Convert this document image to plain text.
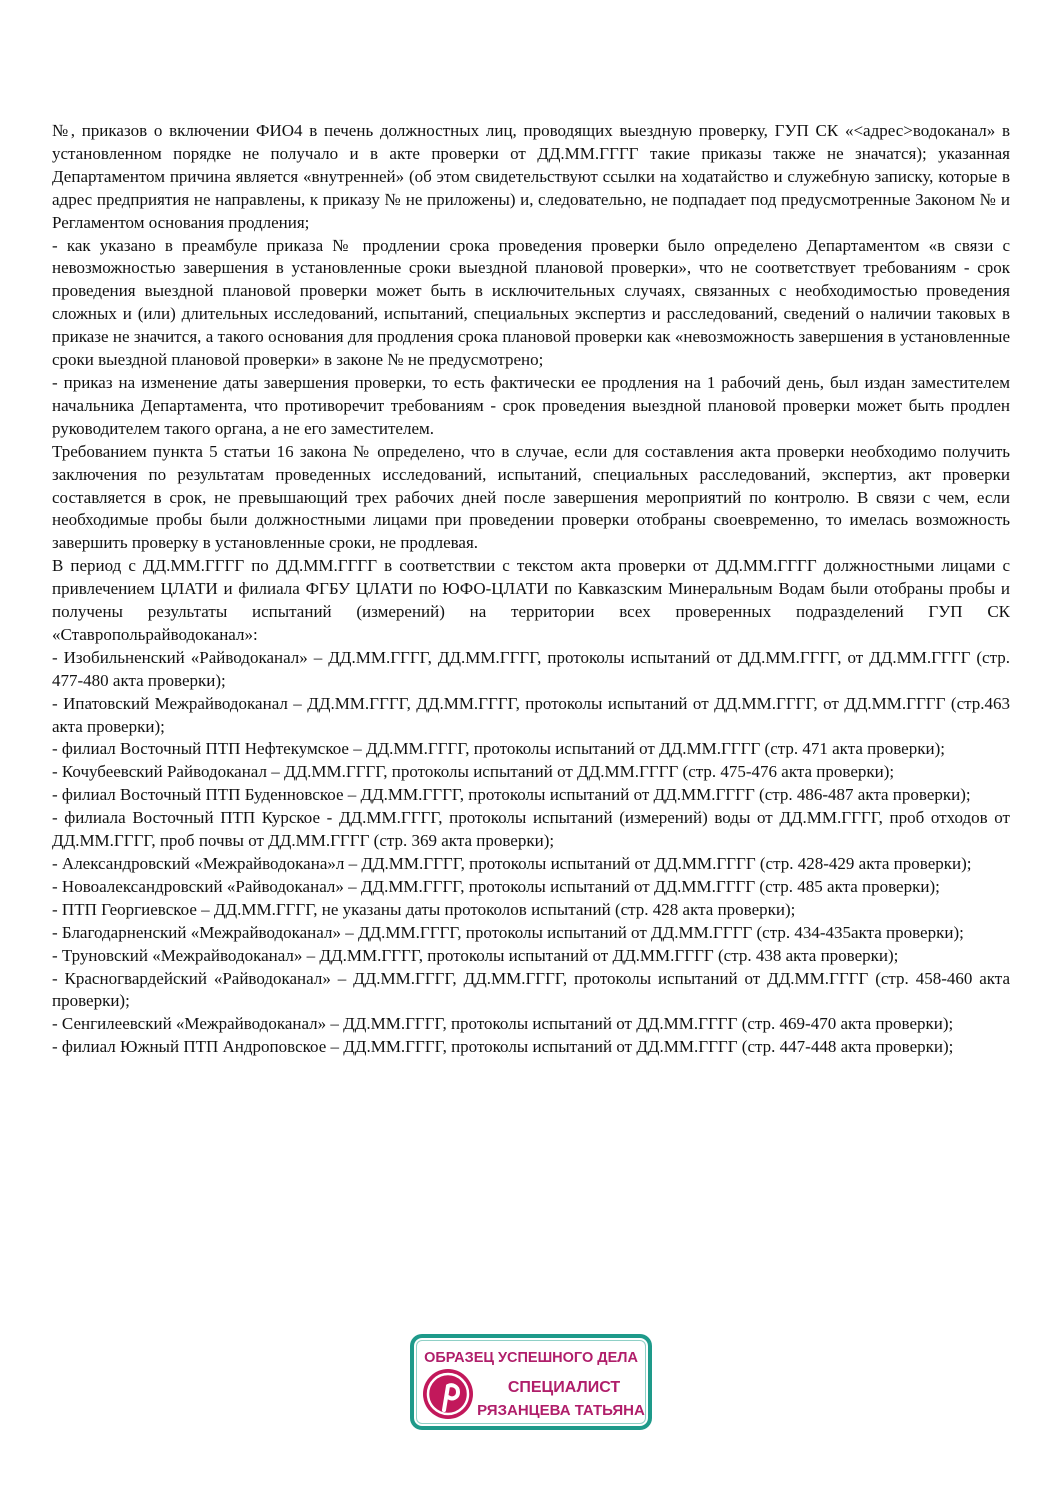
№, приказов о включении ФИО4 в печень должностных лиц, проводящих выездную проверку, ГУП СК «<адрес>водоканал» в установленном порядке не получало и в акте проверки от ДД.ММ.ГГГГ такие приказы также не значатся); указанная Департаментом причина является «внутренней» (об этом свидетельствуют ссылки на ходатайство и служебную записку, которые в адрес предприятия не направлены, к приказу № не приложены) и, следовательно, не подпадает под предусмотренные Законом № и Регламентом основания продления;

- как указано в преамбуле приказа № продлении срока проведения проверки было определено Департаментом «в связи с невозможностью завершения в установленные сроки выездной плановой проверки», что не соответствует требованиям - срок проведения выездной плановой проверки может быть в исключительных случаях, связанных с необходимостью проведения сложных и (или) длительных исследований, испытаний, специальных экспертиз и расследований, сведений о наличии таковых в приказе не значится, а такого основания для продления срока плановой проверки как «невозможность завершения в установленные сроки выездной плановой проверки» в законе № не предусмотрено;

- приказ на изменение даты завершения проверки, то есть фактически ее продления на 1 рабочий день, был издан заместителем начальника Департамента, что противоречит требованиям - срок проведения выездной плановой проверки может быть продлен руководителем такого органа, а не его заместителем.

Требованием пункта 5 статьи 16 закона № определено, что в случае, если для составления акта проверки необходимо получить заключения по результатам проведенных исследований, испытаний, специальных расследований, экспертиз, акт проверки составляется в срок, не превышающий трех рабочих дней после завершения мероприятий по контролю. В связи с чем, если необходимые пробы были должностными лицами при проведении проверки отобраны своевременно, то имелась возможность завершить проверку в установленные сроки, не продлевая.

В период с ДД.ММ.ГГГГ по ДД.ММ.ГГГГ в соответствии с текстом акта проверки от ДД.ММ.ГГГГ должностными лицами с привлечением ЦЛАТИ и филиала ФГБУ ЦЛАТИ по ЮФО-ЦЛАТИ по Кавказским Минеральным Водам были отобраны пробы и получены результаты испытаний (измерений) на территории всех проверенных подразделений ГУП СК «Ставропольрайводоканал»:

- Изобильненский «Райводоканал» – ДД.ММ.ГГГГ, ДД.ММ.ГГГГ, протоколы испытаний от ДД.ММ.ГГГГ, от ДД.ММ.ГГГГ (стр. 477-480 акта проверки);

- Ипатовский Межрайводоканал – ДД.ММ.ГГГГ, ДД.ММ.ГГГГ, протоколы испытаний от ДД.ММ.ГГГГ, от ДД.ММ.ГГГГ (стр.463 акта проверки);

- филиал Восточный ПТП Нефтекумское – ДД.ММ.ГГГГ, протоколы испытаний от ДД.ММ.ГГГГ (стр. 471 акта проверки);

- Кочубеевский Райводоканал – ДД.ММ.ГГГГ, протоколы испытаний от ДД.ММ.ГГГГ (стр. 475-476 акта проверки);

- филиал Восточный ПТП Буденновское – ДД.ММ.ГГГГ, протоколы испытаний от ДД.ММ.ГГГГ (стр. 486-487 акта проверки);

- филиала Восточный ПТП Курское - ДД.ММ.ГГГГ, протоколы испытаний (измерений) воды от ДД.ММ.ГГГГ, проб отходов от ДД.ММ.ГГГГ, проб почвы от ДД.ММ.ГГГГ (стр. 369 акта проверки);

- Александровский «Межрайводокана»л – ДД.ММ.ГГГГ, протоколы испытаний от ДД.ММ.ГГГГ (стр. 428-429 акта проверки);

- Новоалександровский «Райводоканал» – ДД.ММ.ГГГГ, протоколы испытаний от ДД.ММ.ГГГГ (стр. 485 акта проверки);

- ПТП Георгиевское – ДД.ММ.ГГГГ, не указаны даты протоколов испытаний (стр. 428 акта проверки);

- Благодарненский «Межрайводоканал» – ДД.ММ.ГГГГ, протоколы испытаний от ДД.ММ.ГГГГ (стр. 434-435акта проверки);

- Труновский «Межрайводоканал» – ДД.ММ.ГГГГ, протоколы испытаний от ДД.ММ.ГГГГ (стр. 438 акта проверки);

- Красногвардейский «Райводоканал» – ДД.ММ.ГГГГ, ДД.ММ.ГГГГ, протоколы испытаний от ДД.ММ.ГГГГ (стр. 458-460 акта проверки);

- Сенгилеевский «Межрайводоканал» – ДД.ММ.ГГГГ, протоколы испытаний от ДД.ММ.ГГГГ (стр. 469-470 акта проверки);

- филиал Южный ПТП Андроповское – ДД.ММ.ГГГГ, протоколы испытаний от ДД.ММ.ГГГГ (стр. 447-448 акта проверки);

ОБРАЗЕЦ УСПЕШНОГО ДЕЛА
СПЕЦИАЛИСТ
РЯЗАНЦЕВА ТАТЬЯНА
